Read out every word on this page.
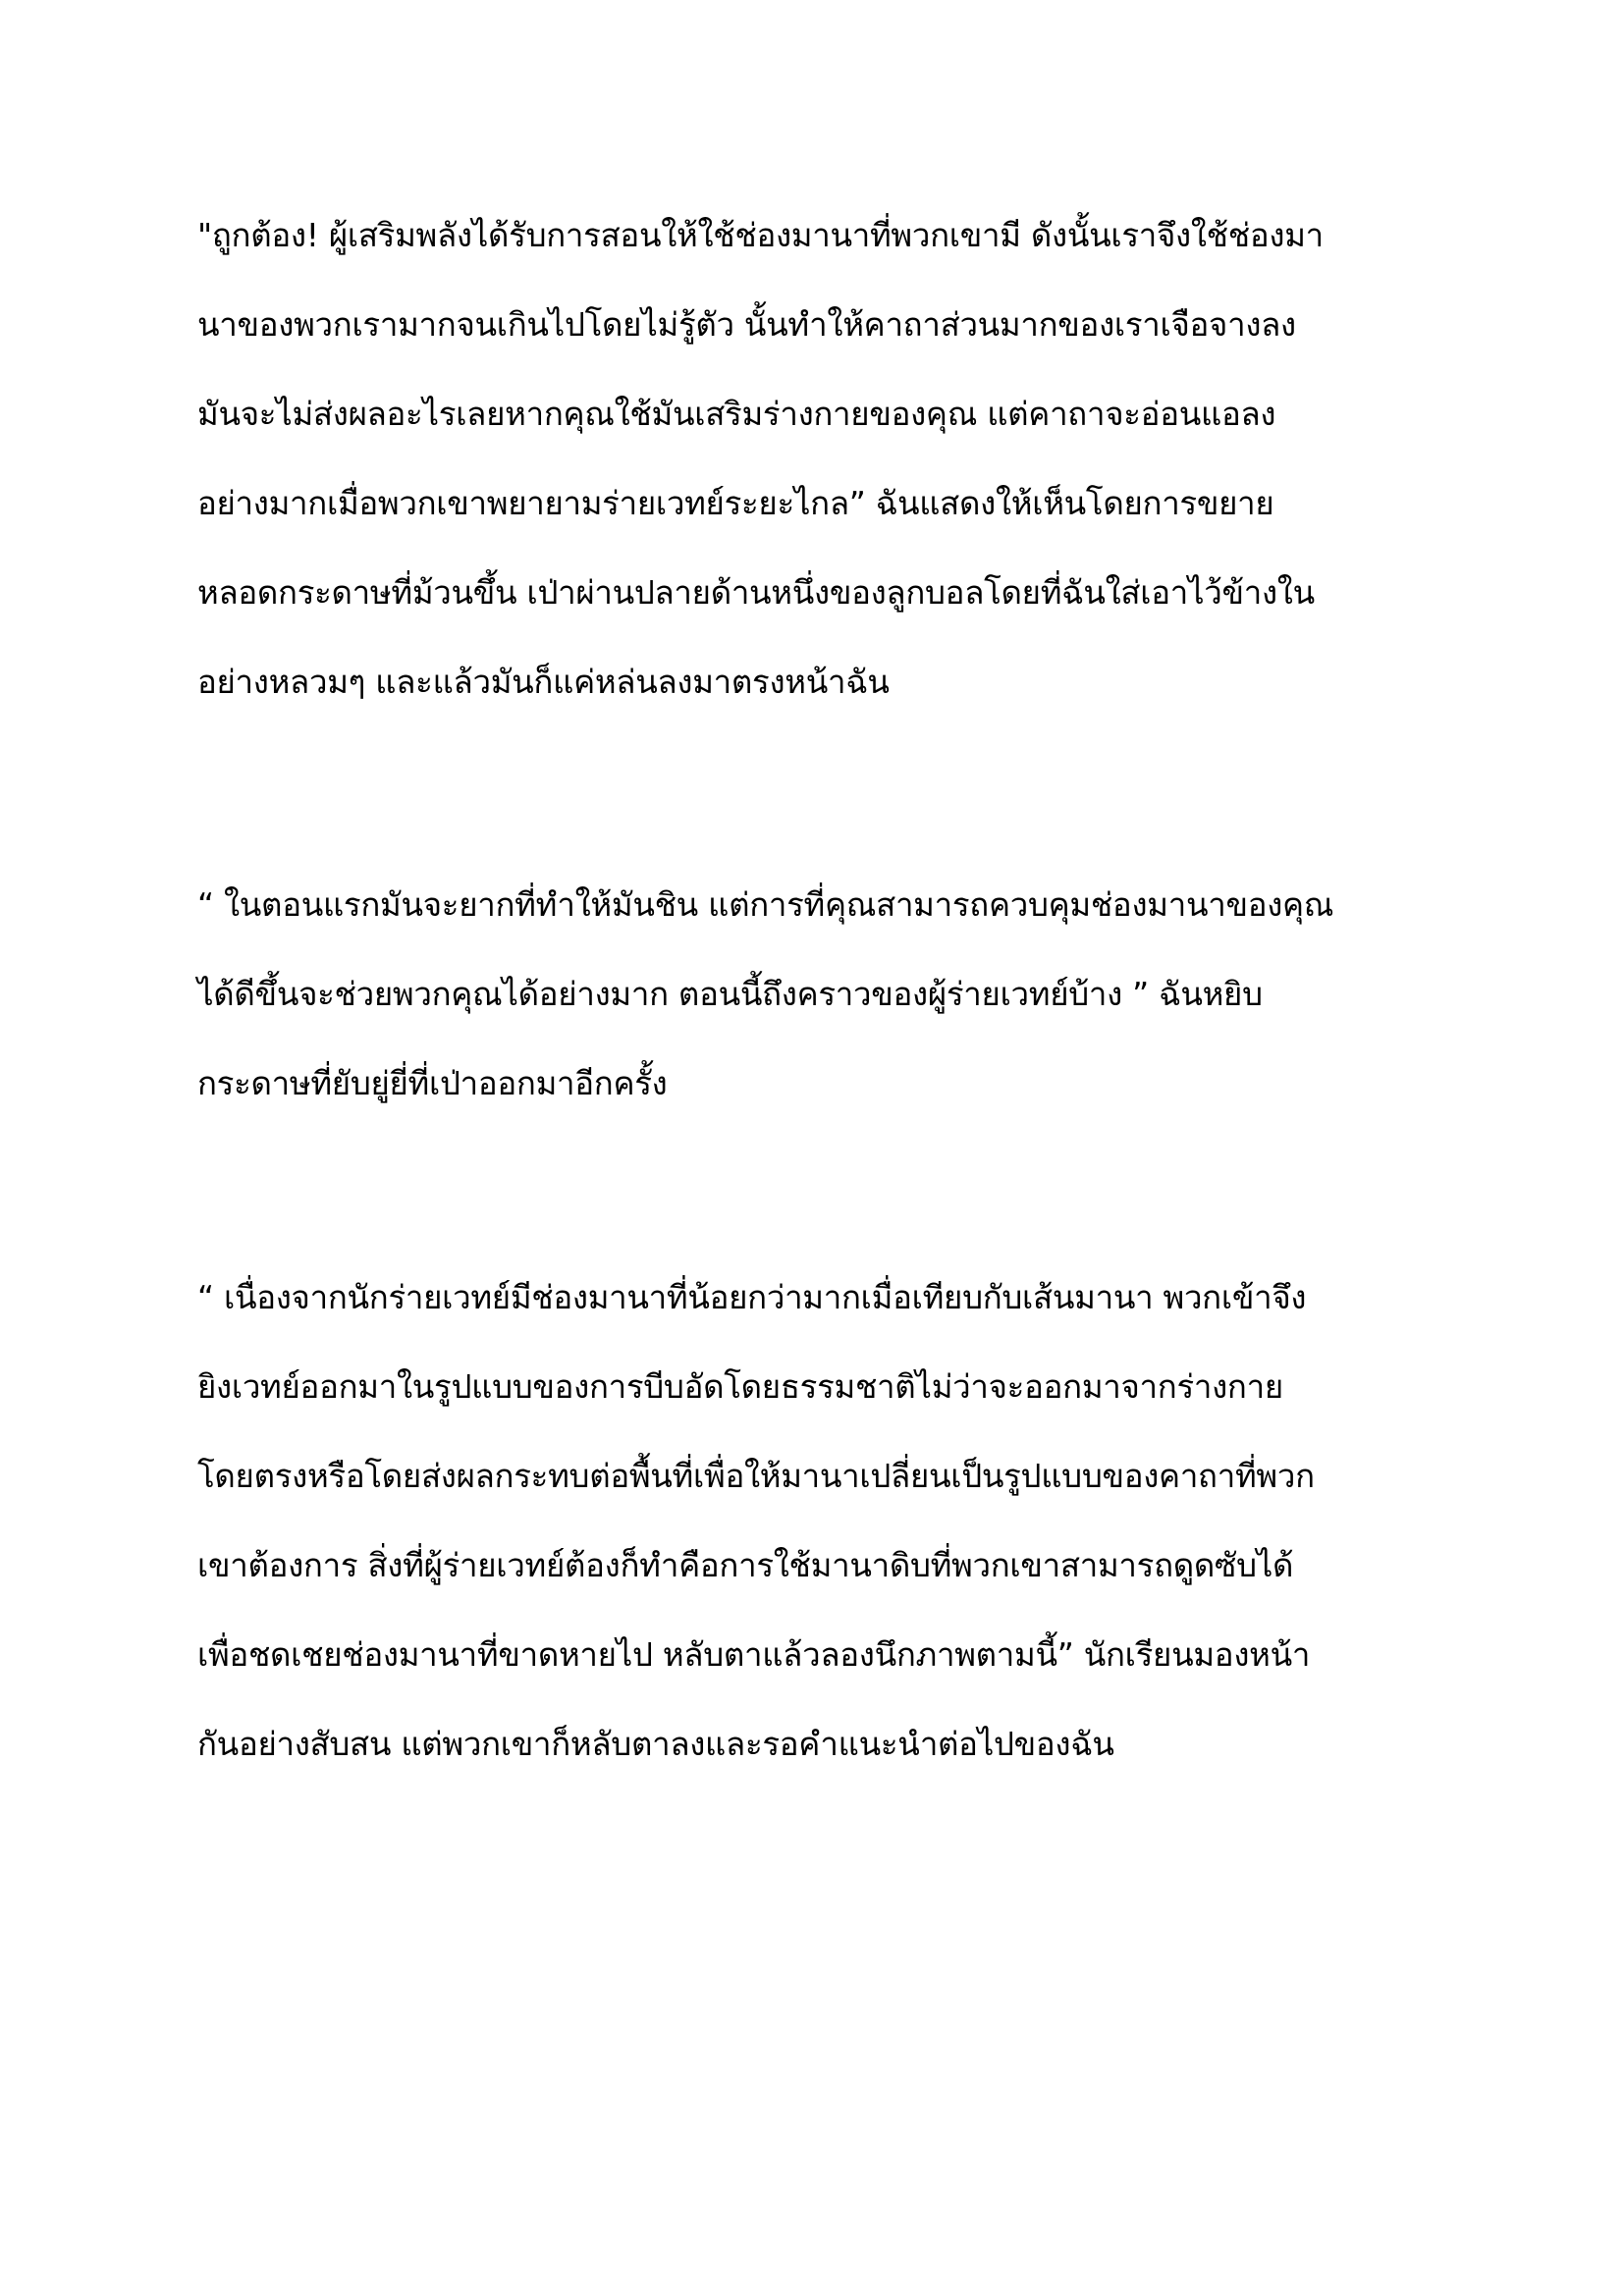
"ถูกต้อง! ผู้เสริมพลังได้รับการสอนให้ใช้ช่องมานาที่พวกเขามี ดังนั้นเราจึงใช้ช่องมา
นาของพวกเรามากจนเกินไปโดยไม่รู้ตัว นั้นทำให้คาถาส่วนมากของเราเจือจางลง
มันจะไม่ส่งผลอะไรเลยหากคุณใช้มันเสริมร่างกายของคุณ แต่คาถาจะอ่อนแอลง
อย่างมากเมื่อพวกเขาพยายามร่ายเวทย์ระยะไกล” ฉันแสดงให้เห็นโดยการขยาย
หลอดกระดาษที่ม้วนขึ้น เป่าผ่านปลายด้านหนึ่งของลูกบอลโดยที่ฉันใส่เอาไว้ข้างใน
อย่างหลวมๆ และแล้วมันก็แค่หล่นลงมาตรงหน้าฉัน

“ ในตอนแรกมันจะยากที่ทำให้มันชิน แต่การที่คุณสามารถควบคุมช่องมานาของคุณ
ได้ดีขึ้นจะช่วยพวกคุณได้อย่างมาก ตอนนี้ถึงคราวของผู้ร่ายเวทย์บ้าง ” ฉันหยิบ
กระดาษที่ยับยู่ยี่ที่เป่าออกมาอีกครั้ง

“ เนื่องจากนักร่ายเวทย์มีช่องมานาที่น้อยกว่ามากเมื่อเทียบกับเส้นมานา พวกเข้าจึง
ยิงเวทย์ออกมาในรูปแบบของการบีบอัดโดยธรรมชาติไม่ว่าจะออกมาจากร่างกาย
โดยตรงหรือโดยส่งผลกระทบต่อพื้นที่เพื่อให้มานาเปลี่ยนเป็นรูปแบบของคาถาที่พวก
เขาต้องการ สิ่งที่ผู้ร่ายเวทย์ต้องก็ทำคือการใช้มานาดิบที่พวกเขาสามารถดูดซับได้
เพื่อชดเชยช่องมานาที่ขาดหายไป หลับตาแล้วลองนึกภาพตามนี้” นักเรียนมองหน้า
กันอย่างสับสน แต่พวกเขาก็หลับตาลงและรอคำแนะนำต่อไปของฉัน
